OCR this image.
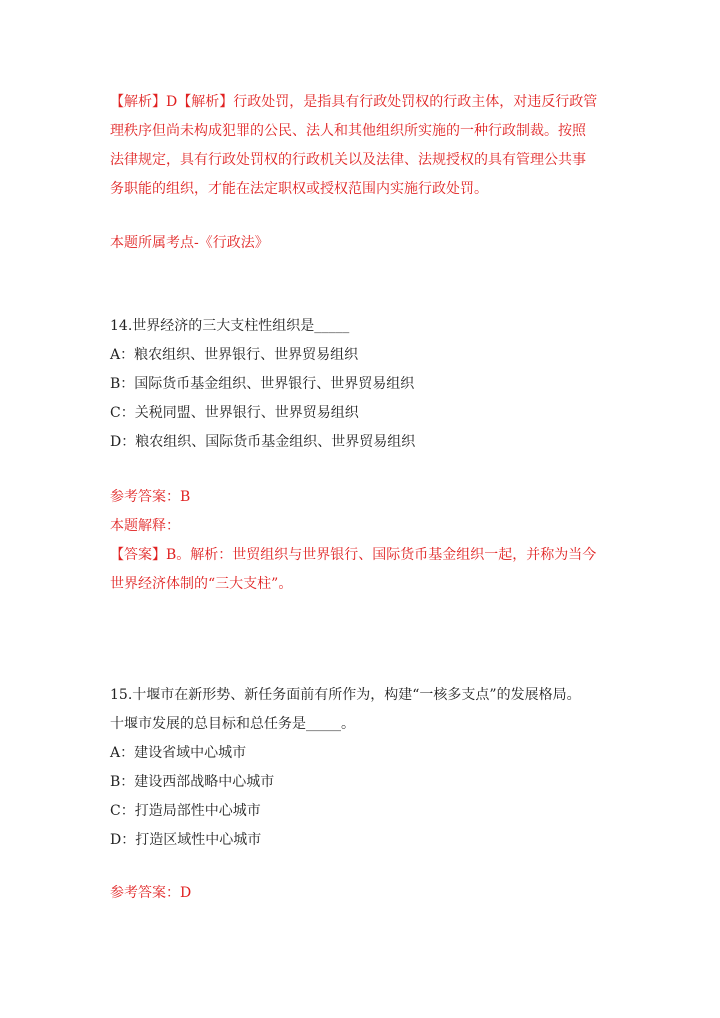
【解析】D【解析】行政处罚，是指具有行政处罚权的行政主体，对违反行政管
理秩序但尚未构成犯罪的公民、法人和其他组织所实施的一种行政制裁。按照
法律规定，具有行政处罚权的行政机关以及法律、法规授权的具有管理公共事
务职能的组织，才能在法定职权或授权范围内实施行政处罚。
本题所属考点-《行政法》
14.世界经济的三大支柱性组织是_____
A：粮农组织、世界银行、世界贸易组织
B：国际货币基金组织、世界银行、世界贸易组织
C：关税同盟、世界银行、世界贸易组织
D：粮农组织、国际货币基金组织、世界贸易组织
参考答案：B
本题解释：
【答案】B。解析：世贸组织与世界银行、国际货币基金组织一起，并称为当今
世界经济体制的“三大支柱”。
15.十堰市在新形势、新任务面前有所作为，构建“一核多支点”的发展格局。
十堰市发展的总目标和总任务是_____。
A：建设省域中心城市
B：建设西部战略中心城市
C：打造局部性中心城市
D：打造区域性中心城市
参考答案：D
